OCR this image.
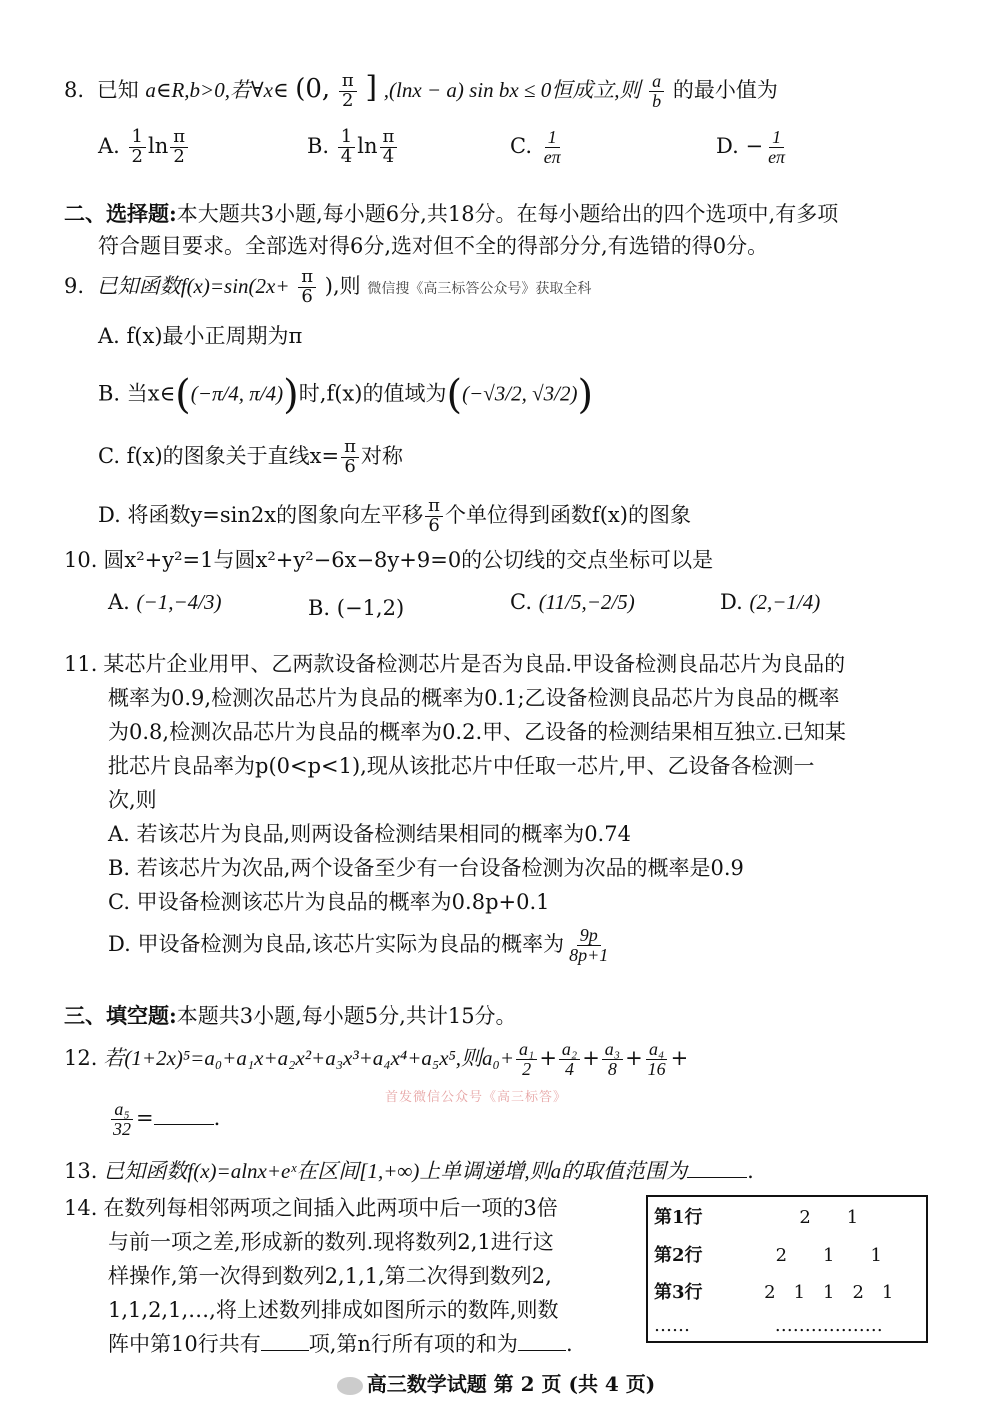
8. 已知 a∈R,b>0,若∀x∈ (0, $\frac{\pi}{2}$ ] ,(lnx − a) sin bx ≤ 0恒成立,则 $\frac{a}{b}$ 的最小值为
A. $\frac{1}{2}$ $\ln \frac{\pi}{2}$	B. $\frac{1}{4}$ $\ln \frac{\pi}{4}$	C. $\frac{1}{e\pi}$	D. − $\frac{1}{e\pi}$
二、选择题:本大题共3小题,每小题6分,共18分。在每小题给出的四个选项中,有多项
符合题目要求。全部选对得6分,选对但不全的得部分分,有选错的得0分。
9. 已知函数$f(x)=\sin(2x+ \frac{\pi}{6}$ ),则 微信搜《高三标答公众号》获取全科
A. f(x)最小正周期为π
B. 当x∈((−π/4, π/4))时,f(x)的值域为((−√3/2, √3/2))
C. f(x)的图象关于直线$x= \frac{\pi}{6}$ 对称
D. 将函数y=sin2x的图象向左平移 $\frac{\pi}{6}$ 个单位得到函数f(x)的图象
10. 圆x²+y²=1与圆x²+y²−6x−8y+9=0的公切线的交点坐标可以是
A. (−1,−4/3)	B. (−1,2)	C. (11/5,−2/5)	D. (2,−1/4)
11. 某芯片企业用甲、乙两款设备检测芯片是否为良品.甲设备检测良品芯片为良品的
概率为0.9,检测次品芯片为良品的概率为0.1;乙设备检测良品芯片为良品的概率
为0.8,检测次品芯片为良品的概率为0.2.甲、乙设备的检测结果相互独立.已知某
批芯片良品率为p(0<p<1),现从该批芯片中任取一芯片,甲、乙设备各检测一
次,则
A. 若该芯片为良品,则两设备检测结果相同的概率为0.74
B. 若该芯片为次品,两个设备至少有一台设备检测为次品的概率是0.9
C. 甲设备检测该芯片为良品的概率为0.8p+0.1
D. 甲设备检测为良品,该芯片实际为良品的概率为 $\frac{9p}{8p+1}$
三、填空题:本题共3小题,每小题5分,共计15分。
12. 若(1+2x)⁵=a₀+a₁x+a₂x²+a₃x³+a₄x⁴+a₅x⁵,则$a_0+ \frac{\text{a₁}}{2} + \frac{\text{a₂}}{4} + \frac{\text{a₃}}{8} + \frac{\text{a₄}}{16}$ +
首发微信公众号《高三标答》
$\frac{\text{a₅}}{32}$ =	.
13. 已知函数f(x)=alnx+eˣ在区间[1,+∞)上单调递增,则a的取值范围为	.
14. 在数列每相邻两项之间插入此两项中后一项的3倍
与前一项之差,形成新的数列.现将数列2,1进行这
样操作,第一次得到数列2,1,1,第二次得到数列2,
1,1,2,1,…,将上述数列排成如图所示的数阵,则数
阵中第10行共有 项,第n行所有项的和为 .
第1行	2　　1
第2行	2　　1　　1
第3行	2　1　1　2　1
……	………………
高三数学试题 第 2 页 (共 4 页)
